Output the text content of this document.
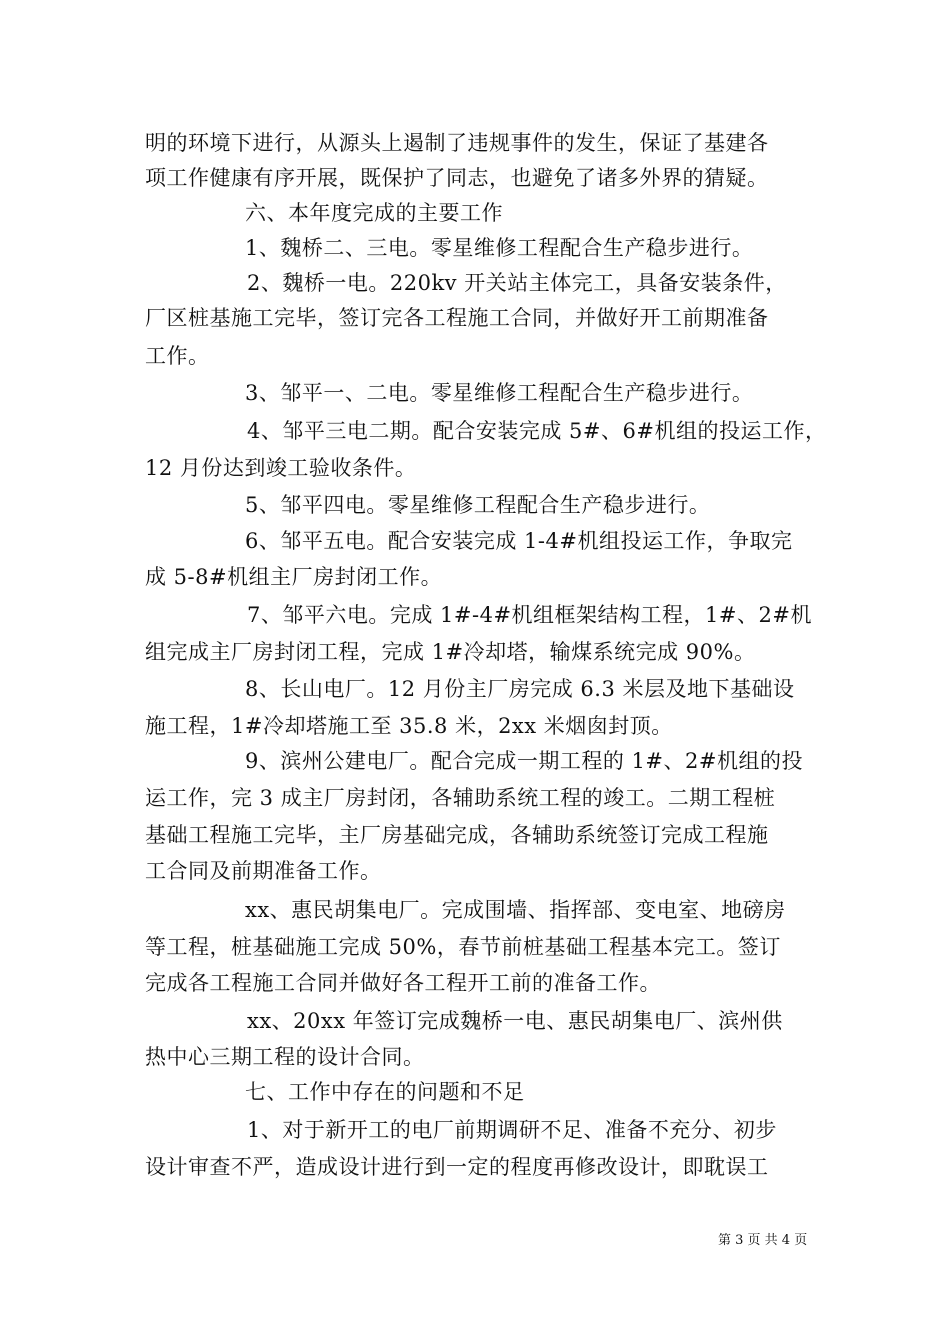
明的环境下进行，从源头上遏制了违规事件的发生，保证了基建各
项工作健康有序开展，既保护了同志，也避免了诸多外界的猜疑。
六、本年度完成的主要工作
1、魏桥二、三电。零星维修工程配合生产稳步进行。
2、魏桥一电。220kv 开关站主体完工，具备安装条件，
厂区桩基施工完毕，签订完各工程施工合同，并做好开工前期准备
工作。
3、邹平一、二电。零星维修工程配合生产稳步进行。
4、邹平三电二期。配合安装完成 5#、6#机组的投运工作，
12 月份达到竣工验收条件。
5、邹平四电。零星维修工程配合生产稳步进行。
6、邹平五电。配合安装完成 1-4#机组投运工作，争取完
成 5-8#机组主厂房封闭工作。
7、邹平六电。完成 1#-4#机组框架结构工程，1#、2#机
组完成主厂房封闭工程，完成 1#冷却塔，输煤系统完成 90%。
8、长山电厂。12 月份主厂房完成 6.3 米层及地下基础设
施工程，1#冷却塔施工至 35.8 米，2xx 米烟囱封顶。
9、滨州公建电厂。配合完成一期工程的 1#、2#机组的投
运工作，完 3 成主厂房封闭，各辅助系统工程的竣工。二期工程桩
基础工程施工完毕，主厂房基础完成，各辅助系统签订完成工程施
工合同及前期准备工作。
xx、惠民胡集电厂。完成围墙、指挥部、变电室、地磅房
等工程，桩基础施工完成 50%，春节前桩基础工程基本完工。签订
完成各工程施工合同并做好各工程开工前的准备工作。
xx、20xx 年签订完成魏桥一电、惠民胡集电厂、滨州供
热中心三期工程的设计合同。
七、工作中存在的问题和不足
1、对于新开工的电厂前期调研不足、准备不充分、初步
设计审查不严，造成设计进行到一定的程度再修改设计，即耽误工
第 3 页 共 4 页
